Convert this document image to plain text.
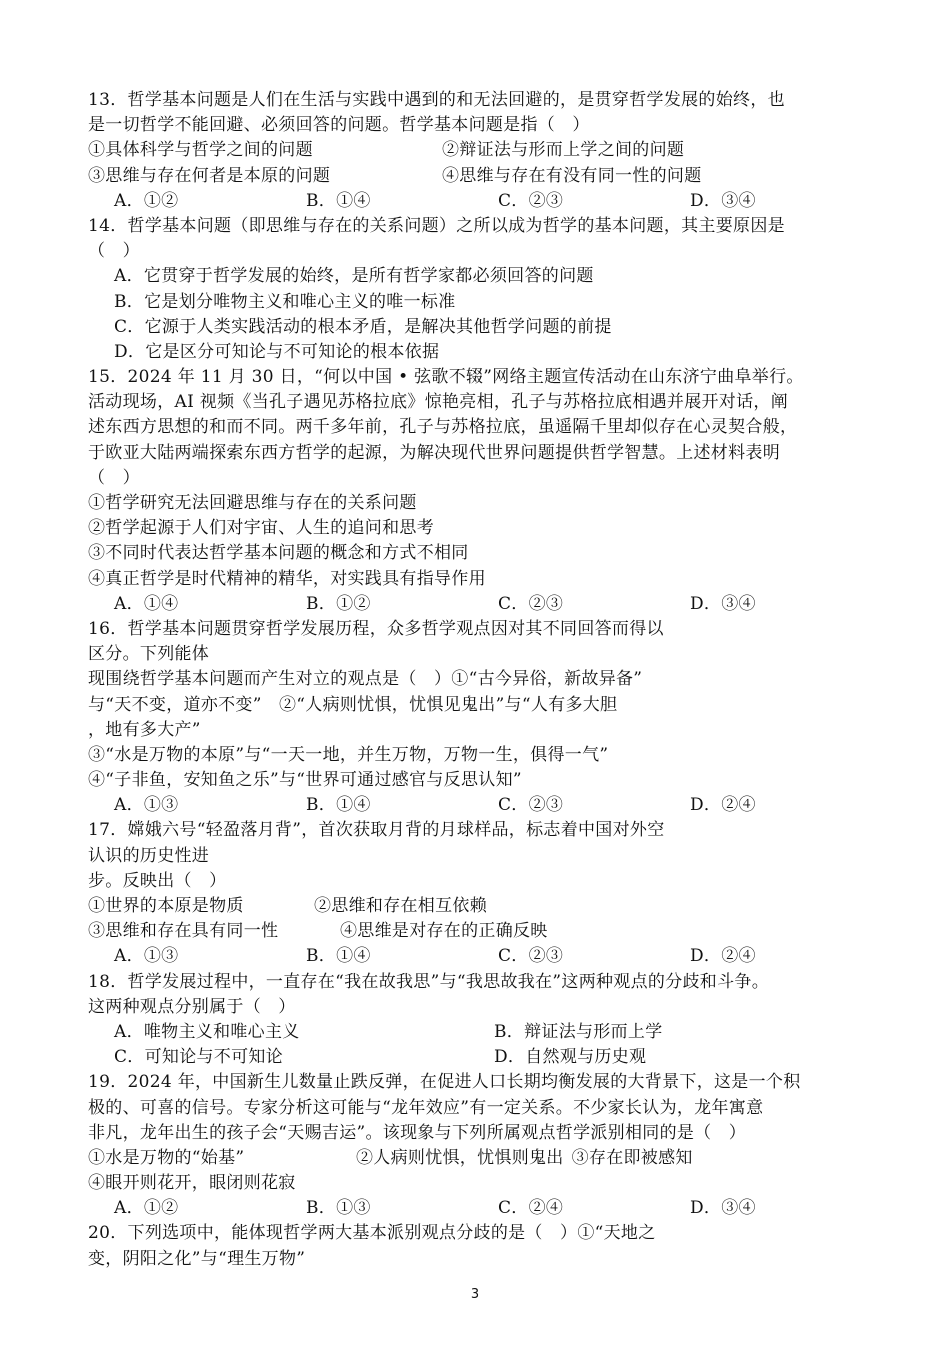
13．哲学基本问题是人们在生活与实践中遇到的和无法回避的，是贯穿哲学发展的始终，也
是一切哲学不能回避、必须回答的问题。哲学基本问题是指（　）
①具体科学与哲学之间的问题	②辩证法与形而上学之间的问题
③思维与存在何者是本原的问题	④思维与存在有没有同一性的问题
A．①②	B．①④	C．②③	D．③④
14．哲学基本问题（即思维与存在的关系问题）之所以成为哲学的基本问题，其主要原因是
（　）
A．它贯穿于哲学发展的始终，是所有哲学家都必须回答的问题
B．它是划分唯物主义和唯心主义的唯一标准
C．它源于人类实践活动的根本矛盾，是解决其他哲学问题的前提
D．它是区分可知论与不可知论的根本依据
15．2024 年 11 月 30 日，“何以中国 • 弦歌不辍”网络主题宣传活动在山东济宁曲阜举行。
活动现场，AI 视频《当孔子遇见苏格拉底》惊艳亮相，孔子与苏格拉底相遇并展开对话，阐
述东西方思想的和而不同。两千多年前，孔子与苏格拉底，虽遥隔千里却似存在心灵契合般，
于欧亚大陆两端探索东西方哲学的起源，为解决现代世界问题提供哲学智慧。上述材料表明
（　）
①哲学研究无法回避思维与存在的关系问题
②哲学起源于人们对宇宙、人生的追问和思考
③不同时代表达哲学基本问题的概念和方式不相同
④真正哲学是时代精神的精华，对实践具有指导作用
A．①④	B．①②	C．②③	D．③④
16．哲学基本问题贯穿哲学发展历程，众多哲学观点因对其不同回答而得以
区分。下列能体
现围绕哲学基本问题而产生对立的观点是（　）①“古今异俗，新故异备”
与“天不变，道亦不变”　②“人病则忧惧，忧惧见鬼出”与“人有多大胆
，地有多大产”
③“水是万物的本原”与“一天一地，并生万物，万物一生，俱得一气”
④“子非鱼，安知鱼之乐”与“世界可通过感官与反思认知”
A．①③	B．①④	C．②③	D．②④
17．嫦娥六号“轻盈落月背”，首次获取月背的月球样品，标志着中国对外空
认识的历史性进
步。反映出（　）
①世界的本原是物质	②思维和存在相互依赖
③思维和存在具有同一性	④思维是对存在的正确反映
A．①③	B．①④	C．②③	D．②④
18．哲学发展过程中，一直存在“我在故我思”与“我思故我在”这两种观点的分歧和斗争。
这两种观点分别属于（　）
A．唯物主义和唯心主义	B．辩证法与形而上学
C．可知论与不可知论	D．自然观与历史观
19．2024 年，中国新生儿数量止跌反弹，在促进人口长期均衡发展的大背景下，这是一个积
极的、可喜的信号。专家分析这可能与“龙年效应”有一定关系。不少家长认为，龙年寓意
非凡，龙年出生的孩子会“天赐吉运”。该现象与下列所属观点哲学派别相同的是（　）
①水是万物的“始基”	②人病则忧惧，忧惧则鬼出 ③存在即被感知
④眼开则花开，眼闭则花寂
A．①②	B．①③	C．②④	D．③④
20．下列选项中，能体现哲学两大基本派别观点分歧的是（　）①“天地之
变，阴阳之化”与“理生万物”
3
